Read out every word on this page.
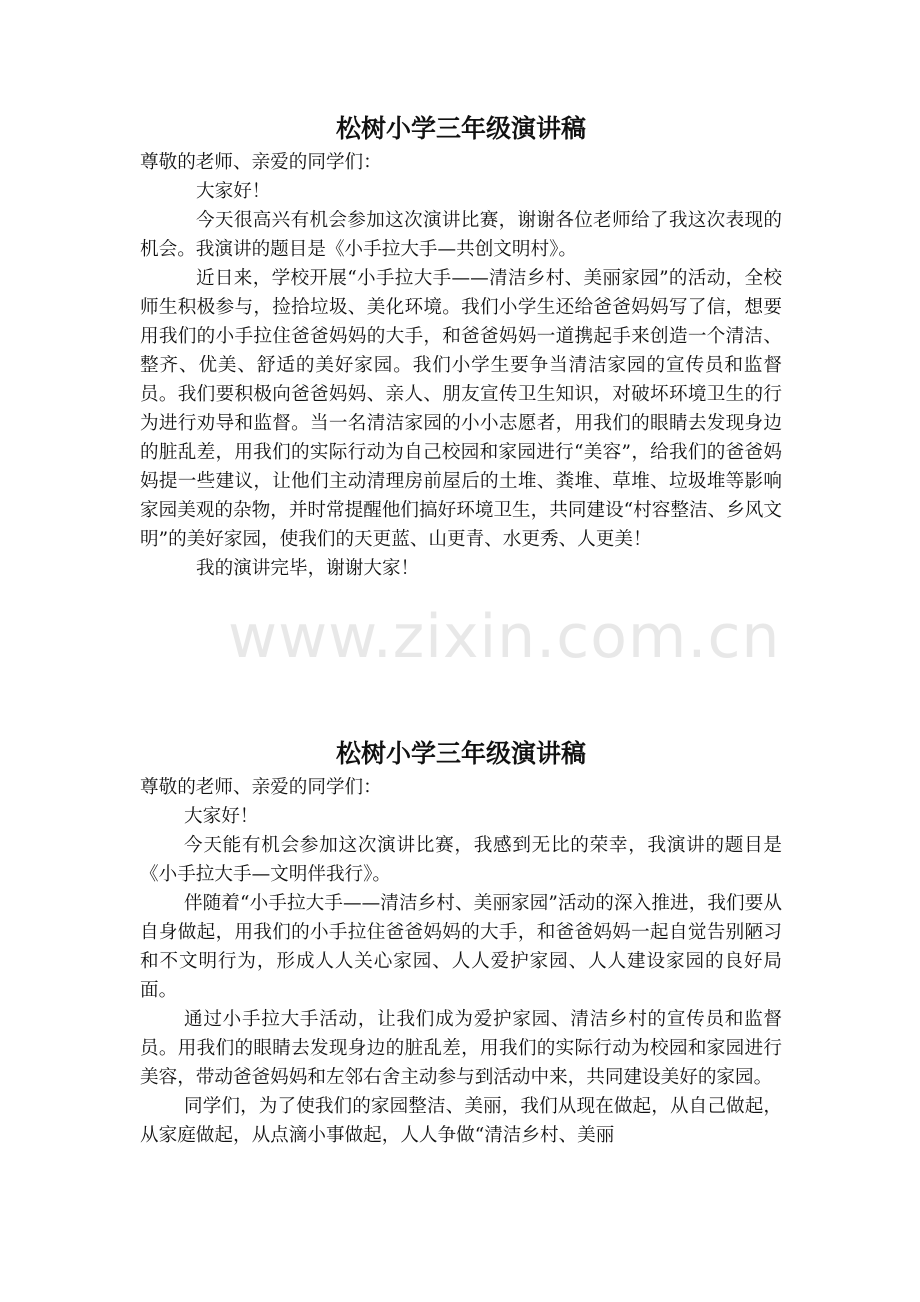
松树小学三年级演讲稿

尊敬的老师、亲爱的同学们：

大家好！

今天很高兴有机会参加这次演讲比赛，谢谢各位老师给了我这次表现的机会。我演讲的题目是《小手拉大手—共创文明村》。

近日来，学校开展“小手拉大手——清洁乡村、美丽家园”的活动，全校师生积极参与，捡拾垃圾、美化环境。我们小学生还给爸爸妈妈写了信，想要用我们的小手拉住爸爸妈妈的大手，和爸爸妈妈一道携起手来创造一个清洁、整齐、优美、舒适的美好家园。我们小学生要争当清洁家园的宣传员和监督员。我们要积极向爸爸妈妈、亲人、朋友宣传卫生知识，对破坏环境卫生的行为进行劝导和监督。当一名清洁家园的小小志愿者，用我们的眼睛去发现身边的脏乱差，用我们的实际行动为自己校园和家园进行“美容”，给我们的爸爸妈妈提一些建议，让他们主动清理房前屋后的土堆、粪堆、草堆、垃圾堆等影响家园美观的杂物，并时常提醒他们搞好环境卫生，共同建设“村容整洁、乡风文明”的美好家园，使我们的天更蓝、山更青、水更秀、人更美！

我的演讲完毕，谢谢大家！

松树小学三年级演讲稿

尊敬的老师、亲爱的同学们：

大家好！

今天能有机会参加这次演讲比赛，我感到无比的荣幸，我演讲的题目是《小手拉大手—文明伴我行》。

伴随着“小手拉大手——清洁乡村、美丽家园”活动的深入推进，我们要从自身做起，用我们的小手拉住爸爸妈妈的大手，和爸爸妈妈一起自觉告别陋习和不文明行为，形成人人关心家园、人人爱护家园、人人建设家园的良好局面。

通过小手拉大手活动，让我们成为爱护家园、清洁乡村的宣传员和监督员。用我们的眼睛去发现身边的脏乱差，用我们的实际行动为校园和家园进行美容，带动爸爸妈妈和左邻右舍主动参与到活动中来，共同建设美好的家园。

同学们，为了使我们的家园整洁、美丽，我们从现在做起，从自己做起，从家庭做起，从点滴小事做起，人人争做“清洁乡村、美丽

www.zixin.com.cn
